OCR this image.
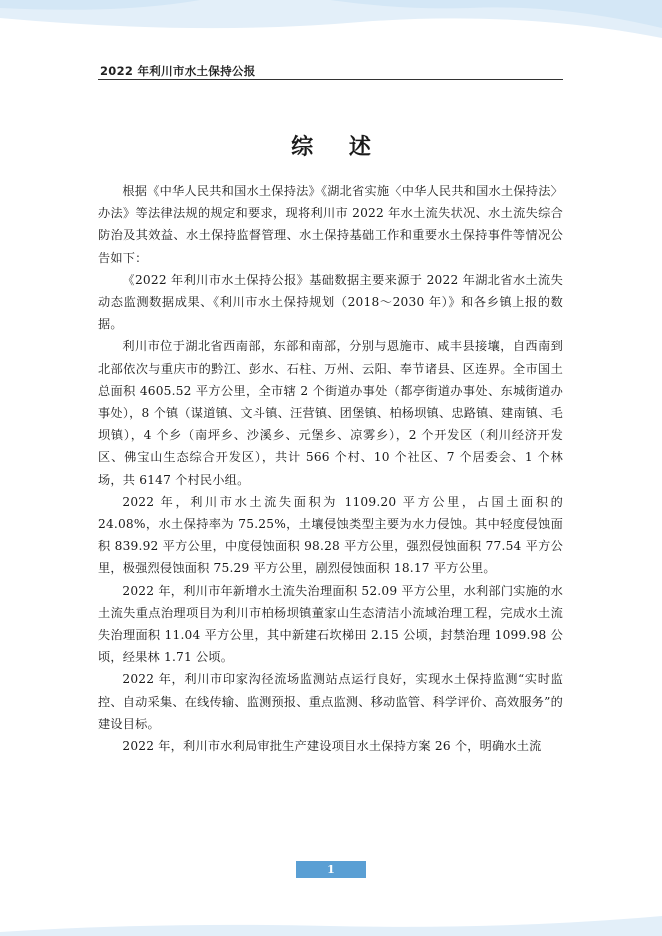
2022 年利川市水土保持公报
综 述

根据《中华人民共和国水土保持法》《湖北省实施〈中华人民共和国水土保持法〉办法》等法律法规的规定和要求，现将利川市 2022 年水土流失状况、水土流失综合防治及其效益、水土保持监督管理、水土保持基础工作和重要水土保持事件等情况公告如下：

《2022 年利川市水土保持公报》基础数据主要来源于 2022 年湖北省水土流失动态监测数据成果、《利川市水土保持规划（2018～2030 年）》和各乡镇上报的数据。

利川市位于湖北省西南部，东部和南部，分别与恩施市、咸丰县接壤，自西南到北部依次与重庆市的黔江、彭水、石柱、万州、云阳、奉节诸县、区连界。全市国土总面积 4605.52 平方公里，全市辖 2 个街道办事处（都亭街道办事处、东城街道办事处），8 个镇（谋道镇、文斗镇、汪营镇、团堡镇、柏杨坝镇、忠路镇、建南镇、毛坝镇），4 个乡（南坪乡、沙溪乡、元堡乡、凉雾乡），2 个开发区（利川经济开发区、佛宝山生态综合开发区），共计 566 个村、10 个社区、7 个居委会、1 个林场，共 6147 个村民小组。

2022 年，利川市水土流失面积为 1109.20 平方公里，占国土面积的 24.08%，水土保持率为 75.25%，土壤侵蚀类型主要为水力侵蚀。其中轻度侵蚀面积 839.92 平方公里，中度侵蚀面积 98.28 平方公里，强烈侵蚀面积 77.54 平方公里，极强烈侵蚀面积 75.29 平方公里，剧烈侵蚀面积 18.17 平方公里。

2022 年，利川市年新增水土流失治理面积 52.09 平方公里，水利部门实施的水土流失重点治理项目为利川市柏杨坝镇董家山生态清洁小流域治理工程，完成水土流失治理面积 11.04 平方公里，其中新建石坎梯田 2.15 公顷，封禁治理 1099.98 公顷，经果林 1.71 公顷。

2022 年，利川市印家沟径流场监测站点运行良好，实现水土保持监测“实时监控、自动采集、在线传输、监测预报、重点监测、移动监管、科学评价、高效服务”的建设目标。

2022 年，利川市水利局审批生产建设项目水土保持方案 26 个，明确水土流

1
